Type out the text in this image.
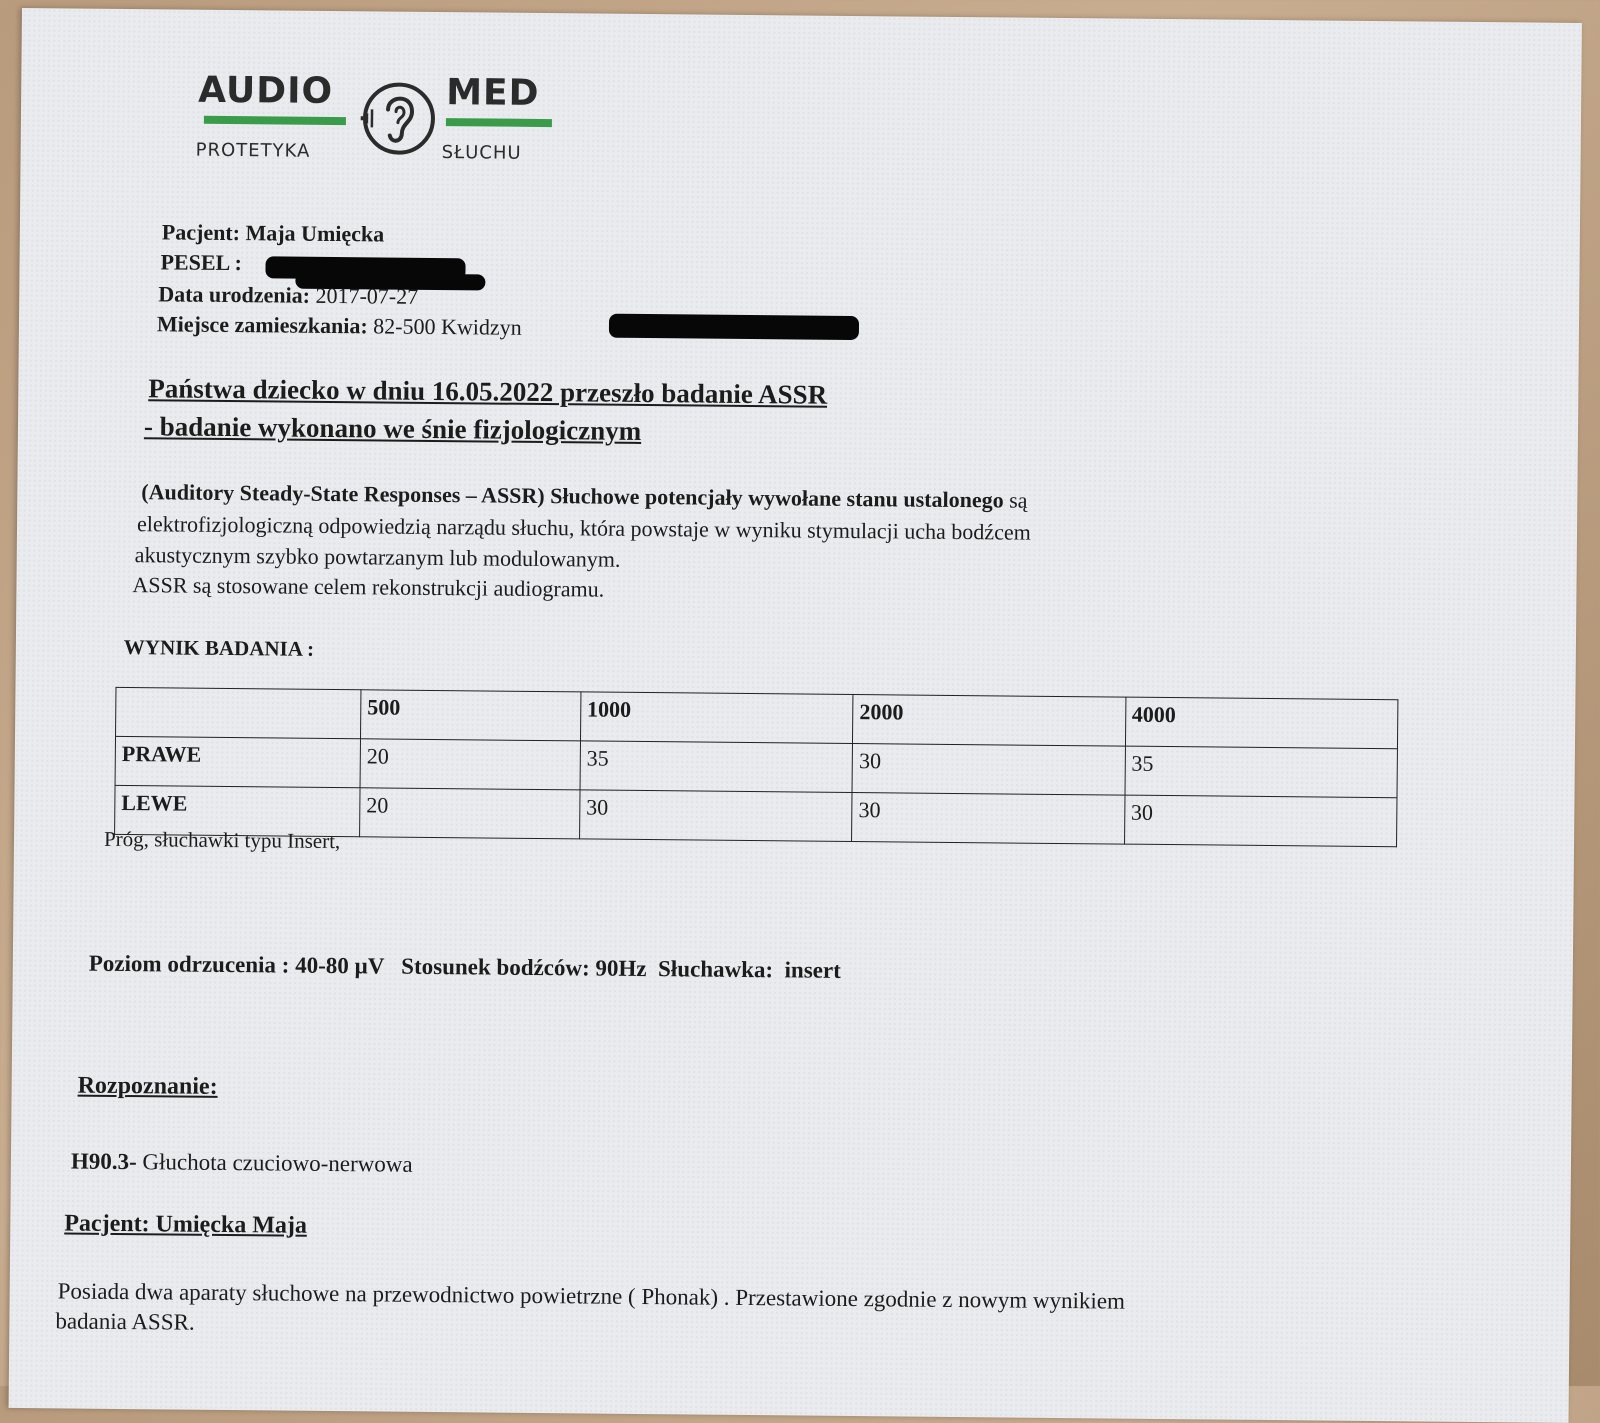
AUDIO	MED
PROTETYKA	SŁUCHU
Pacjent: Maja Umięcka
PESEL :
Data urodzenia: 2017-07-27
Miejsce zamieszkania: 82-500 Kwidzyn
Państwa dziecko w dniu 16.05.2022 przeszło badanie ASSR
- badanie wykonano we śnie fizjologicznym
(Auditory Steady-State Responses – ASSR) Słuchowe potencjały wywołane stanu ustalonego są
elektrofizjologiczną odpowiedzią narządu słuchu, która powstaje w wyniku stymulacji ucha bodźcem
akustycznym szybko powtarzanym lub modulowanym.
ASSR są stosowane celem rekonstrukcji audiogramu.
WYNIK BADANIA :
	500	1000	2000	4000
PRAWE	20	35	30	35
LEWE	20	30	30	30
Próg, słuchawki typu Insert,
Poziom odrzucenia : 40-80 µV   Stosunek bodźców: 90Hz  Słuchawka:  insert
Rozpoznanie:
H90.3- Głuchota czuciowo-nerwowa
Pacjent: Umięcka Maja
Posiada dwa aparaty słuchowe na przewodnictwo powietrzne ( Phonak) . Przestawione zgodnie z nowym wynikiem
badania ASSR.
